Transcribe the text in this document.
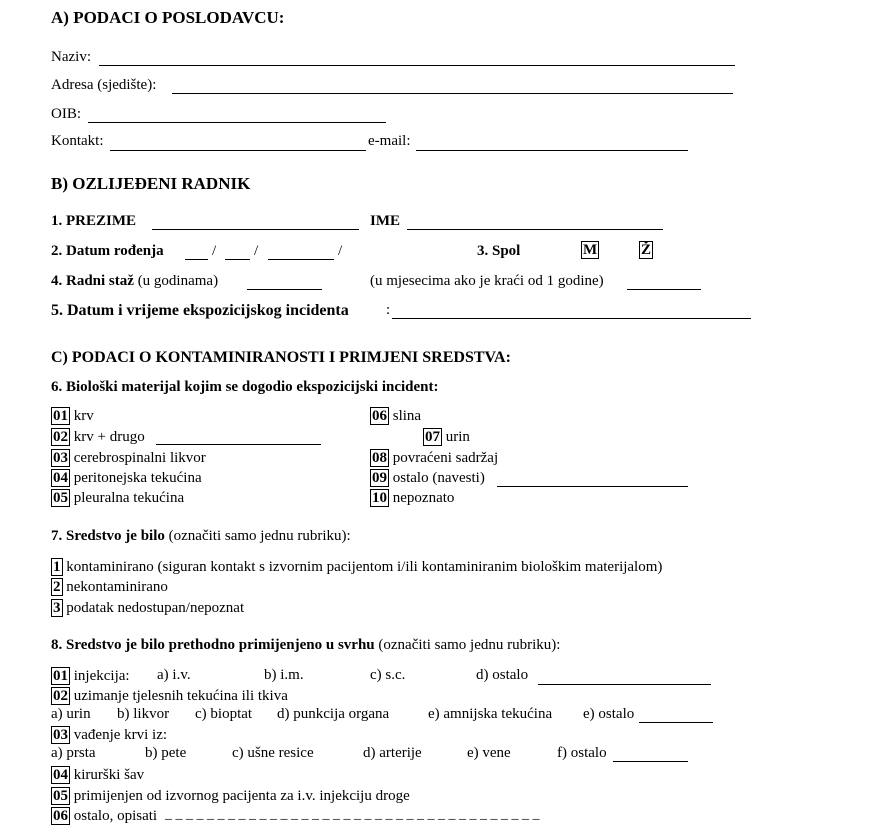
A) PODACI O POSLODAVCU:
Naziv:
Adresa (sjedište):
OIB:
Kontakt:	e-mail:
B) OZLIJEĐENI RADNIK
1. PREZIME	IME
2. Datum rođenja	/	/	/	3. Spol	M	Ž
4. Radni staž (u godinama)	(u mjesecima ako je kraći od 1 godine)
5. Datum i vrijeme ekspozicijskog incidenta :
C) PODACI O KONTAMINIRANOSTI I PRIMJENI SREDSTVA:
6. Biološki materijal kojim se dogodio ekspozicijski incident:
01 krv
02 krv + drugo
03 cerebrospinalni likvor
04 peritonejska tekućina
05 pleuralna tekućina
06 slina
07 urin
08 povraćeni sadržaj
09 ostalo (navesti)
10 nepoznato
7. Sredstvo je bilo (označiti samo jednu rubriku):
1 kontaminirano (siguran kontakt s izvornim pacijentom i/ili kontaminiranim biološkim materijalom)
2 nekontaminirano
3 podatak nedostupan/nepoznat
8. Sredstvo je bilo prethodno primijenjeno u svrhu (označiti samo jednu rubriku):
01 injekcija: a) i.v.	b) i.m.	c) s.c.	d) ostalo
02 uzimanje tjelesnih tekućina ili tkiva
a) urin b) likvor c) bioptat d) punkcija organa	e) amnijska tekućina e) ostalo
03 vađenje krvi iz:
a) prsta	b) pete	c) ušne resice	d) arterije	e) vene	f) ostalo
04 kirurški šav
05 primijenjen od izvornog pacijenta za i.v. injekciju droge
06 ostalo, opisati _ _ _ _ _ _ _ _ _ _ _ _ _ _ _ _ _ _ _ _ _ _ _ _ _ _ _ _ _ _ _ _ _ _ _ _
